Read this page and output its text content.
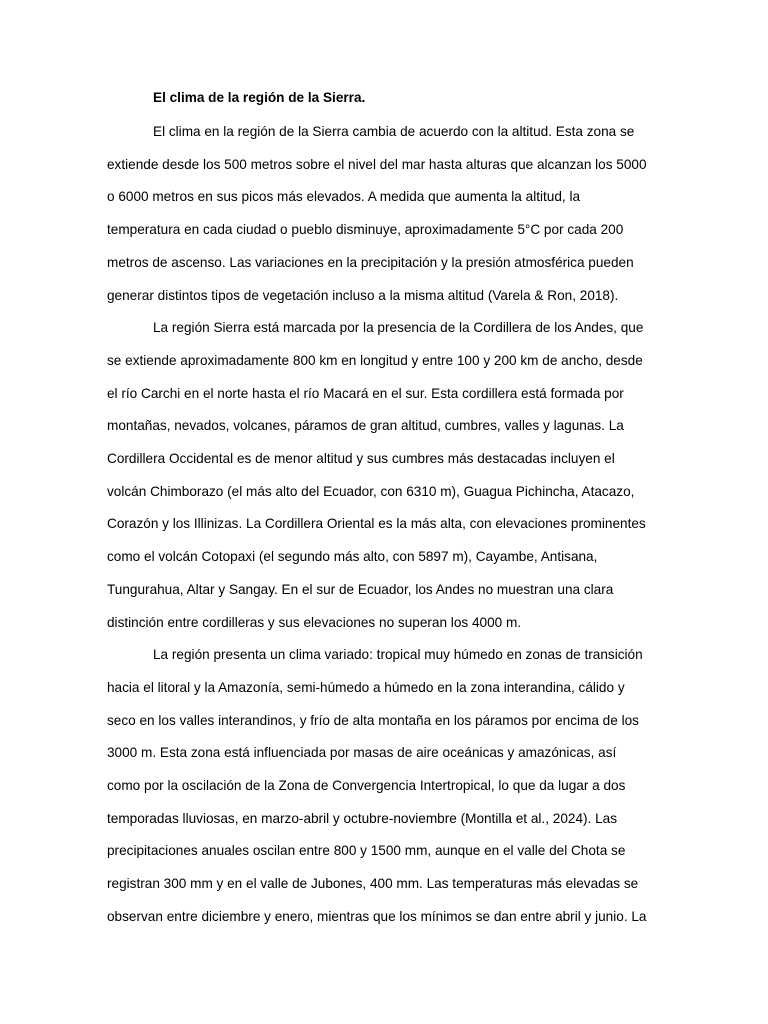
El clima de la región de la Sierra.
El clima en la región de la Sierra cambia de acuerdo con la altitud. Esta zona se
extiende desde los 500 metros sobre el nivel del mar hasta alturas que alcanzan los 5000
o 6000 metros en sus picos más elevados. A medida que aumenta la altitud, la
temperatura en cada ciudad o pueblo disminuye, aproximadamente 5°C por cada 200
metros de ascenso. Las variaciones en la precipitación y la presión atmosférica pueden
generar distintos tipos de vegetación incluso a la misma altitud (Varela & Ron, 2018).
La región Sierra está marcada por la presencia de la Cordillera de los Andes, que
se extiende aproximadamente 800 km en longitud y entre 100 y 200 km de ancho, desde
el río Carchi en el norte hasta el río Macará en el sur. Esta cordillera está formada por
montañas, nevados, volcanes, páramos de gran altitud, cumbres, valles y lagunas. La
Cordillera Occidental es de menor altitud y sus cumbres más destacadas incluyen el
volcán Chimborazo (el más alto del Ecuador, con 6310 m), Guagua Pichincha, Atacazo,
Corazón y los Illinizas. La Cordillera Oriental es la más alta, con elevaciones prominentes
como el volcán Cotopaxi (el segundo más alto, con 5897 m), Cayambe, Antisana,
Tungurahua, Altar y Sangay. En el sur de Ecuador, los Andes no muestran una clara
distinción entre cordilleras y sus elevaciones no superan los 4000 m.
La región presenta un clima variado: tropical muy húmedo en zonas de transición
hacia el litoral y la Amazonía, semi-húmedo a húmedo en la zona interandina, cálido y
seco en los valles interandinos, y frío de alta montaña en los páramos por encima de los
3000 m. Esta zona está influenciada por masas de aire oceánicas y amazónicas, así
como por la oscilación de la Zona de Convergencia Intertropical, lo que da lugar a dos
temporadas lluviosas, en marzo-abril y octubre-noviembre (Montilla et al., 2024). Las
precipitaciones anuales oscilan entre 800 y 1500 mm, aunque en el valle del Chota se
registran 300 mm y en el valle de Jubones, 400 mm. Las temperaturas más elevadas se
observan entre diciembre y enero, mientras que los mínimos se dan entre abril y junio. La
